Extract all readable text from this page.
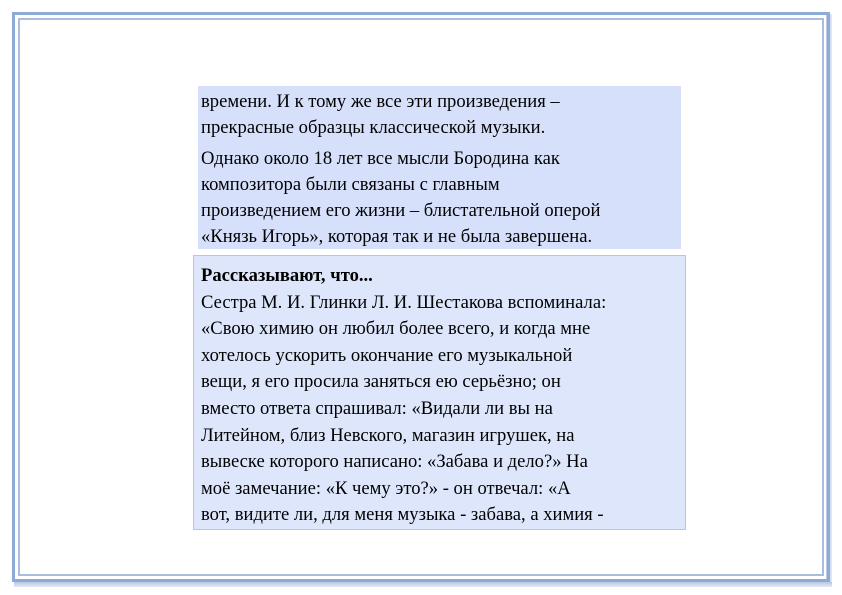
времени. И к тому же все эти произведения –
прекрасные образцы классической музыки.

Однако около 18 лет все мысли Бородина как
композитора были связаны с главным
произведением его жизни – блистательной оперой
«Князь Игорь», которая так и не была завершена.

Рассказывают, что...
Сестра М. И. Глинки Л. И. Шестакова вспоминала:
«Свою химию он любил более всего, и когда мне
хотелось ускорить окончание его музыкальной
вещи, я его просила заняться ею серьёзно; он
вместо ответа спрашивал: «Видали ли вы на
Литейном, близ Невского, магазин игрушек, на
вывеске которого написано: «Забава и дело?» На
моё замечание: «К чему это?» - он отвечал: «А
вот, видите ли, для меня музыка - забава, а химия -
